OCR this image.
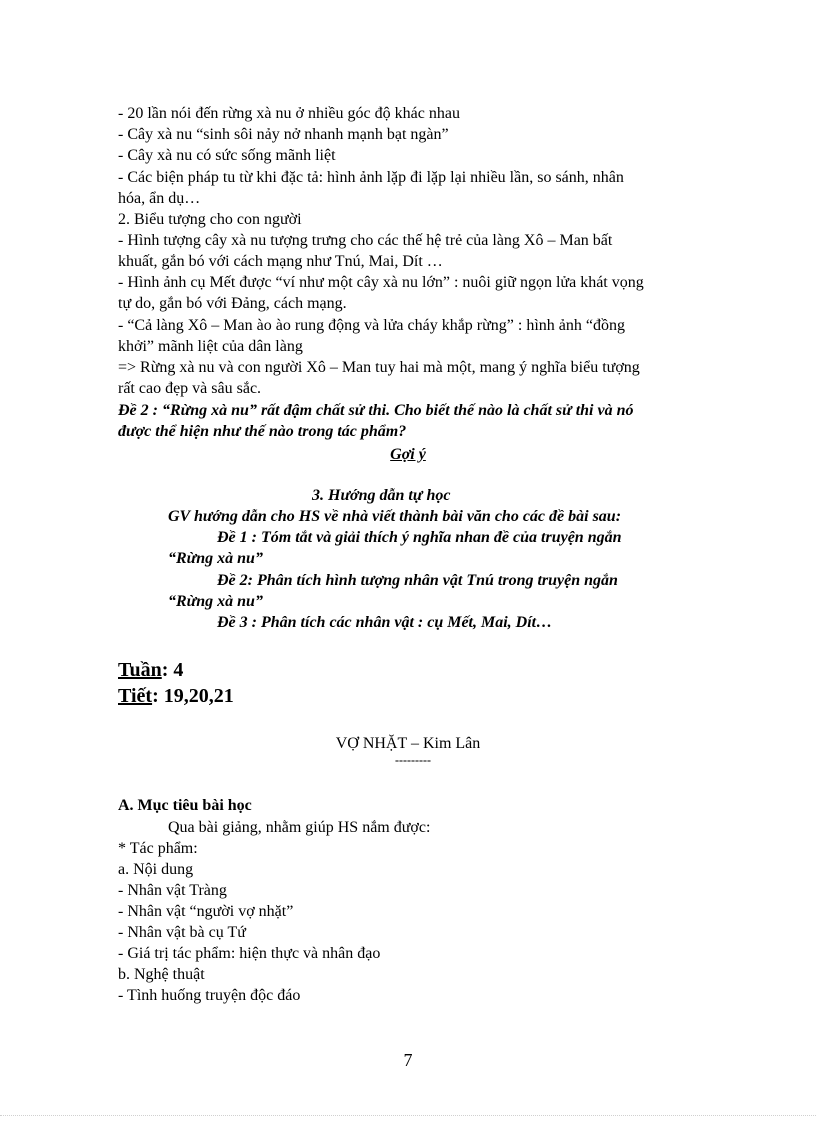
- 20 lần nói đến rừng xà nu ở nhiều góc độ khác nhau
- Cây xà nu “sinh sôi nảy nở nhanh mạnh bạt ngàn”
- Cây xà nu có sức sống mãnh liệt
- Các biện pháp tu từ khi đặc tả: hình ảnh lặp đi lặp lại nhiều lần, so sánh, nhân
hóa, ẩn dụ…
2. Biểu tượng cho con người
- Hình tượng cây xà nu tượng trưng cho các thế hệ trẻ của làng Xô – Man bất
khuất, gắn bó với cách mạng như Tnú, Mai, Dít …
- Hình ảnh cụ Mết được “ví như một cây xà nu lớn” : nuôi giữ ngọn lửa khát vọng
tự do, gắn bó với Đảng, cách mạng.
- “Cả làng Xô – Man ào ào rung động và lửa cháy khắp rừng” : hình ảnh “đồng
khởi” mãnh liệt của dân làng
=> Rừng xà nu và con người Xô – Man tuy hai mà một, mang ý nghĩa biểu tượng
rất cao đẹp và sâu sắc.
Đề 2 : “Rừng xà nu” rất đậm chất sử thi. Cho biết thế nào là chất sử thi và nó
được thể hiện như thế nào trong tác phẩm?
Gợi ý
3. Hướng dẫn tự học
GV hướng dẫn cho HS về nhà viết thành bài văn cho các đề bài sau:
Đề 1 : Tóm tắt và giải thích ý nghĩa nhan đề của truyện ngắn
“Rừng xà nu”
Đề 2: Phân tích hình tượng nhân vật Tnú trong truyện ngắn
“Rừng xà nu”
Đề 3 : Phân tích các nhân vật : cụ Mết, Mai, Dít…
Tuần: 4
Tiết: 19,20,21
VỢ NHẶT – Kim Lân
---------
A. Mục tiêu bài học
Qua bài giảng, nhằm giúp HS nắm được:
* Tác phẩm:
a. Nội dung
- Nhân vật Tràng
- Nhân vật “người vợ nhặt”
- Nhân vật bà cụ Tứ
- Giá trị tác phẩm: hiện thực và nhân đạo
b. Nghệ thuật
- Tình huống truyện độc đáo
7
